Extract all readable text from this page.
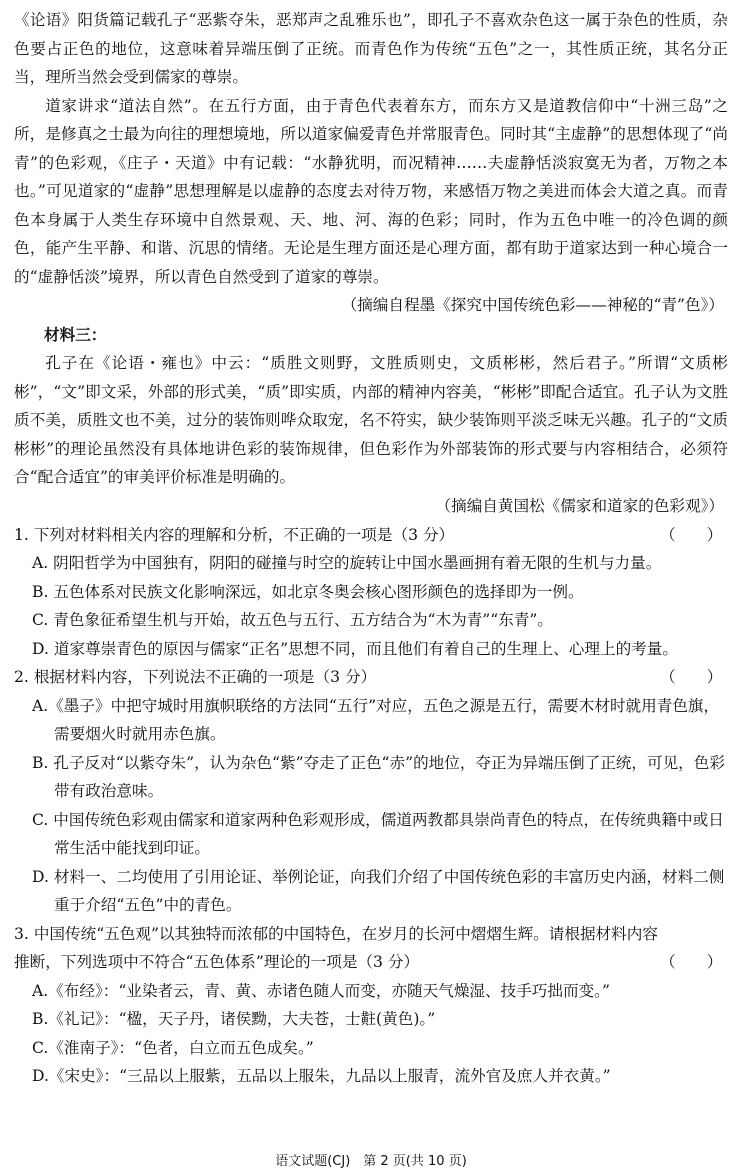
《论语》阳货篇记载孔子“恶紫夺朱，恶郑声之乱雅乐也”，即孔子不喜欢杂色这一属于杂色的性质，杂色要占正色的地位，这意味着异端压倒了正统。而青色作为传统“五色”之一，其性质正统，其名分正当，理所当然会受到儒家的尊崇。

道家讲求“道法自然”。在五行方面，由于青色代表着东方，而东方又是道教信仰中“十洲三岛”之所，是修真之士最为向往的理想境地，所以道家偏爱青色并常服青色。同时其“主虚静”的思想体现了“尚青”的色彩观，《庄子・天道》中有记载：“水静犹明，而况精神……夫虚静恬淡寂寞无为者，万物之本也。”可见道家的“虚静”思想理解是以虚静的态度去对待万物，来感悟万物之美进而体会大道之真。而青色本身属于人类生存环境中自然景观、天、地、河、海的色彩；同时，作为五色中唯一的冷色调的颜色，能产生平静、和谐、沉思的情绪。无论是生理方面还是心理方面，都有助于道家达到一种心境合一的“虚静恬淡”境界，所以青色自然受到了道家的尊崇。

（摘编自程墨《探究中国传统色彩——神秘的“青”色》）

材料三：

孔子在《论语・雍也》中云：“质胜文则野，文胜质则史，文质彬彬，然后君子。”所谓“文质彬彬”，“文”即文采，外部的形式美，“质”即实质，内部的精神内容美，“彬彬”即配合适宜。孔子认为文胜质不美，质胜文也不美，过分的装饰则哗众取宠，名不符实，缺少装饰则平淡乏味无兴趣。孔子的“文质彬彬”的理论虽然没有具体地讲色彩的装饰规律，但色彩作为外部装饰的形式要与内容相结合，必须符合“配合适宜”的审美评价标准是明确的。

（摘编自黄国松《儒家和道家的色彩观》）

1. 下列对材料相关内容的理解和分析，不正确的一项是（3 分）	（　　）

A. 阴阳哲学为中国独有，阴阳的碰撞与时空的旋转让中国水墨画拥有着无限的生机与力量。

B. 五色体系对民族文化影响深远，如北京冬奥会核心图形颜色的选择即为一例。

C. 青色象征希望生机与开始，故五色与五行、五方结合为“木为青”“东青”。

D. 道家尊崇青色的原因与儒家“正名”思想不同，而且他们有着自己的生理上、心理上的考量。

2. 根据材料内容，下列说法不正确的一项是（3 分）	（　　）

A.《墨子》中把守城时用旗帜联络的方法同“五行”对应，五色之源是五行，需要木材时就用青色旗，需要烟火时就用赤色旗。

B. 孔子反对“以紫夺朱”，认为杂色“紫”夺走了正色“赤”的地位，夺正为异端压倒了正统，可见，色彩带有政治意味。

C. 中国传统色彩观由儒家和道家两种色彩观形成，儒道两教都具崇尚青色的特点，在传统典籍中或日常生活中能找到印证。

D. 材料一、二均使用了引用论证、举例论证，向我们介绍了中国传统色彩的丰富历史内涵，材料二侧重于介绍“五色”中的青色。

3. 中国传统“五色观”以其独特而浓郁的中国特色，在岁月的长河中熠熠生辉。请根据材料内容推断，下列选项中不符合“五色体系”理论的一项是（3 分）	（　　）

A.《布经》：“业染者云，青、黄、赤诸色随人而变，亦随天气燥湿、技手巧拙而变。”

B.《礼记》：“楹，天子丹，诸侯黝，大夫苍，士黈(黄色)。”

C.《淮南子》：“色者，白立而五色成矣。”

D.《宋史》：“三品以上服紫，五品以上服朱，九品以上服青，流外官及庶人并衣黄。”

语文试题(CJ)　第 2 页(共 10 页)
